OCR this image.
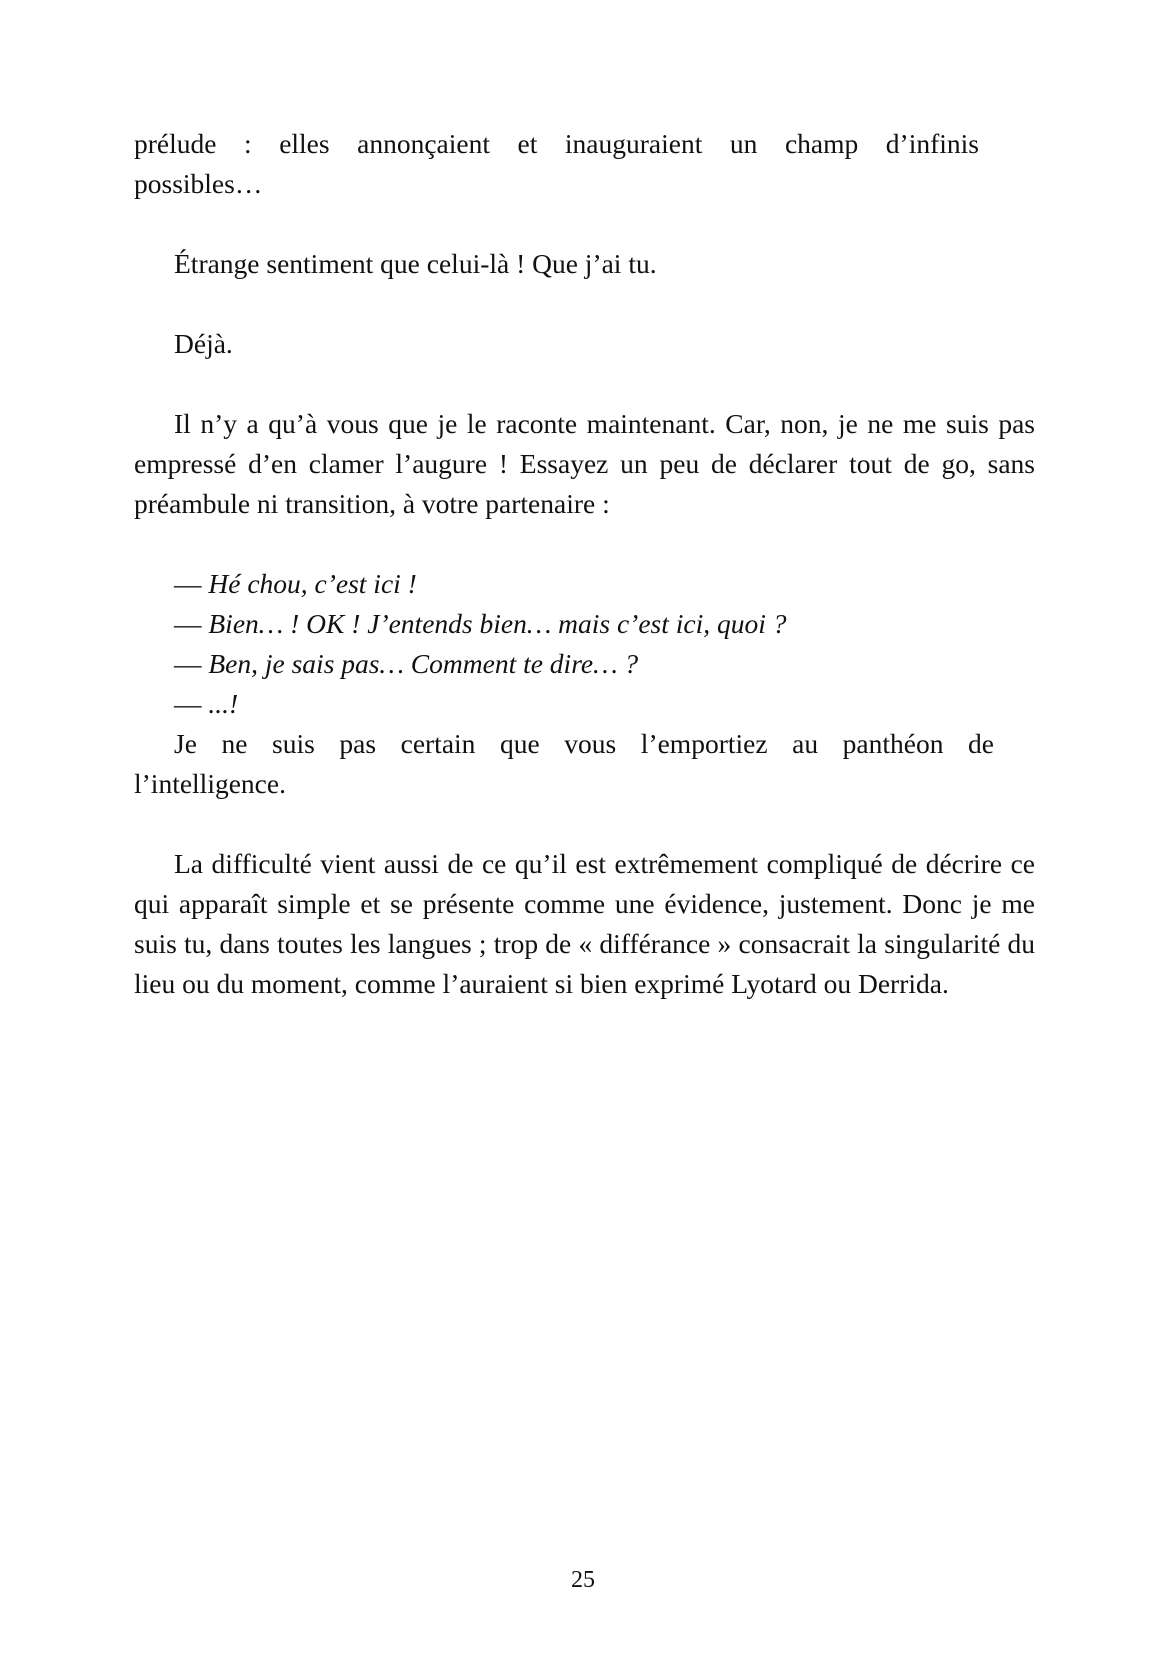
prélude : elles annonçaient et inauguraient un champ d’infinis

possibles…

Étrange sentiment que celui-là ! Que j’ai tu.

Déjà.

Il n’y a qu’à vous que je le raconte maintenant. Car, non, je ne me suis pas empressé d’en clamer l’augure ! Essayez un peu de déclarer tout de go, sans préambule ni transition, à votre partenaire :

— Hé chou, c’est ici !

— Bien… ! OK ! J’entends bien… mais c’est ici, quoi ?

— Ben, je sais pas… Comment te dire… ?

— ...!

Je ne suis pas certain que vous l’emportiez au panthéon de

l’intelligence.

La difficulté vient aussi de ce qu’il est extrêmement compliqué de décrire ce qui apparaît simple et se présente comme une évidence, justement. Donc je me suis tu, dans toutes les langues ; trop de « différance » consacrait la singularité du lieu ou du moment, comme l’auraient si bien exprimé Lyotard ou Derrida.

25
